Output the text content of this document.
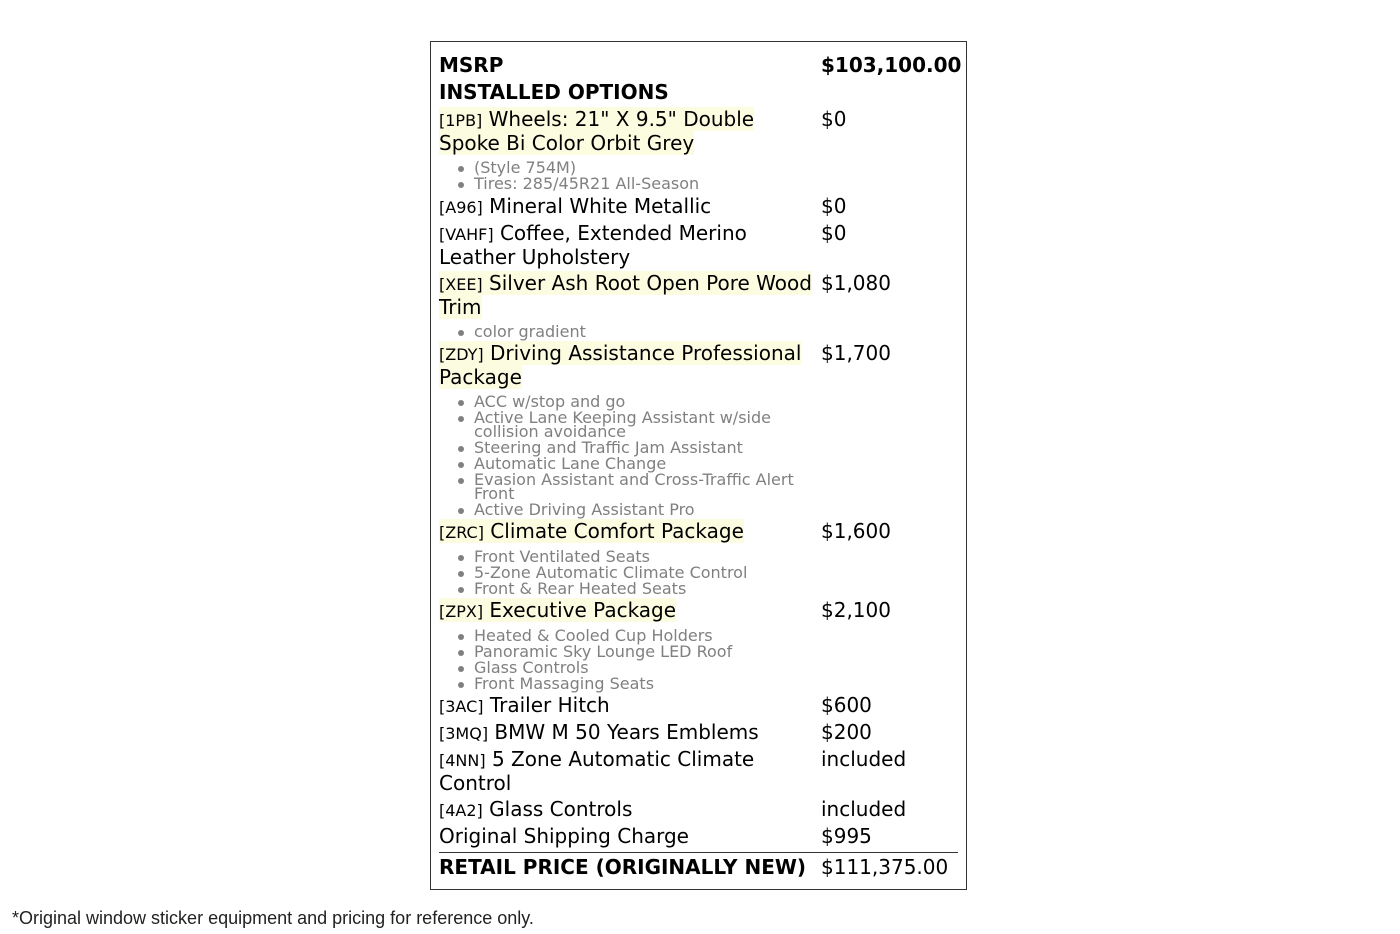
MSRP	$103,100.00
INSTALLED OPTIONS
[1PB] Wheels: 21" X 9.5" Double Spoke Bi Color Orbit Grey
$0
(Style 754M)
Tires: 285/45R21 All-Season
[A96] Mineral White Metallic	$0
[VAHF] Coffee, Extended Merino Leather Upholstery
$0
[XEE] Silver Ash Root Open Pore Wood Trim
$1,080
color gradient
[ZDY] Driving Assistance Professional Package
$1,700
ACC w/stop and go
Active Lane Keeping Assistant w/side collision avoidance
Steering and Traffic Jam Assistant
Automatic Lane Change
Evasion Assistant and Cross-Traffic Alert Front
Active Driving Assistant Pro
[ZRC] Climate Comfort Package	$1,600
Front Ventilated Seats
5-Zone Automatic Climate Control
Front & Rear Heated Seats
[ZPX] Executive Package	$2,100
Heated & Cooled Cup Holders
Panoramic Sky Lounge LED Roof
Glass Controls
Front Massaging Seats
[3AC] Trailer Hitch	$600
[3MQ] BMW M 50 Years Emblems	$200
[4NN] 5 Zone Automatic Climate Control
included
[4A2] Glass Controls	included
Original Shipping Charge	$995
RETAIL PRICE (ORIGINALLY NEW) $111,375.00
*Original window sticker equipment and pricing for reference only.
